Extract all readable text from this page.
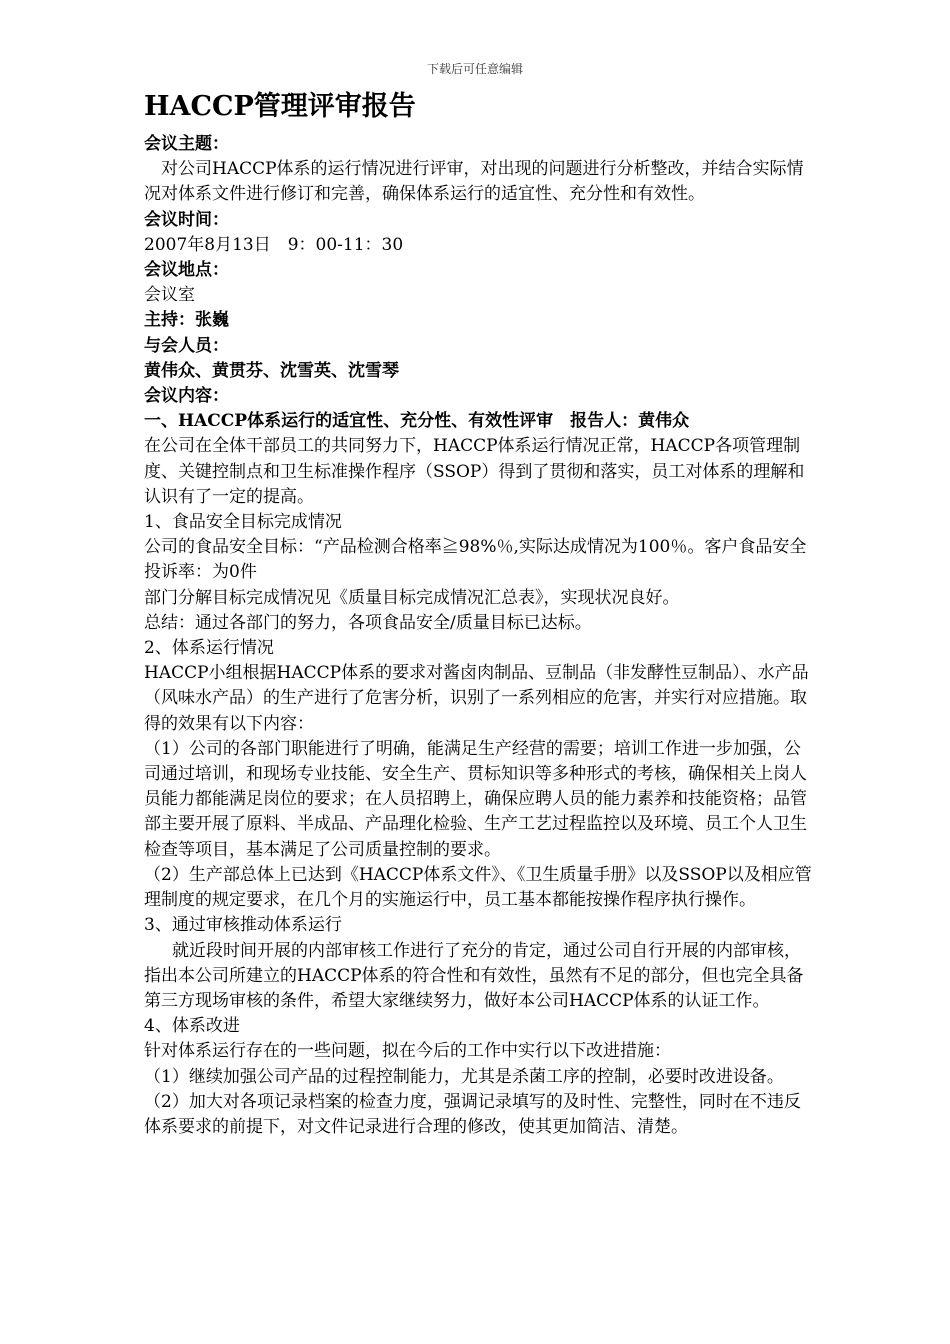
下载后可任意编辑
HACCP管理评审报告

会议主题：

对公司HACCP体系的运行情况进行评审，对出现的问题进行分析整改，并结合实际情况对体系文件进行修订和完善，确保体系运行的适宜性、充分性和有效性。

会议时间：

2007年8月13日　9：00-11：30

会议地点：

会议室

主持：张巍

与会人员：

黄伟众、黄贯芬、沈雪英、沈雪琴

会议内容：

一、HACCP体系运行的适宜性、充分性、有效性评审　报告人：黄伟众

在公司在全体干部员工的共同努力下，HACCP体系运行情况正常，HACCP各项管理制度、关键控制点和卫生标准操作程序（SSOP）得到了贯彻和落实，员工对体系的理解和认识有了一定的提高。

1、食品安全目标完成情况

公司的食品安全目标：“产品检测合格率≧98%％,实际达成情况为100％。客户食品安全投诉率：为0件

部门分解目标完成情况见《质量目标完成情况汇总表》，实现状况良好。

总结：通过各部门的努力，各项食品安全/质量目标已达标。

2、体系运行情况

HACCP小组根据HACCP体系的要求对酱卤肉制品、豆制品（非发酵性豆制品）、水产品（风味水产品）的生产进行了危害分析，识别了一系列相应的危害，并实行对应措施。取得的效果有以下内容：

（1）公司的各部门职能进行了明确，能满足生产经营的需要；培训工作进一步加强，公司通过培训，和现场专业技能、安全生产、贯标知识等多种形式的考核，确保相关上岗人员能力都能满足岗位的要求；在人员招聘上，确保应聘人员的能力素养和技能资格；品管部主要开展了原料、半成品、产品理化检验、生产工艺过程监控以及环境、员工个人卫生检查等项目，基本满足了公司质量控制的要求。

（2）生产部总体上已达到《HACCP体系文件》、《卫生质量手册》以及SSOP以及相应管理制度的规定要求，在几个月的实施运行中，员工基本都能按操作程序执行操作。

3、通过审核推动体系运行

就近段时间开展的内部审核工作进行了充分的肯定，通过公司自行开展的内部审核，指出本公司所建立的HACCP体系的符合性和有效性，虽然有不足的部分，但也完全具备第三方现场审核的条件，希望大家继续努力，做好本公司HACCP体系的认证工作。

4、体系改进

针对体系运行存在的一些问题，拟在今后的工作中实行以下改进措施：

（1）继续加强公司产品的过程控制能力，尤其是杀菌工序的控制，必要时改进设备。

（2）加大对各项记录档案的检查力度，强调记录填写的及时性、完整性，同时在不违反体系要求的前提下，对文件记录进行合理的修改，使其更加简洁、清楚。
